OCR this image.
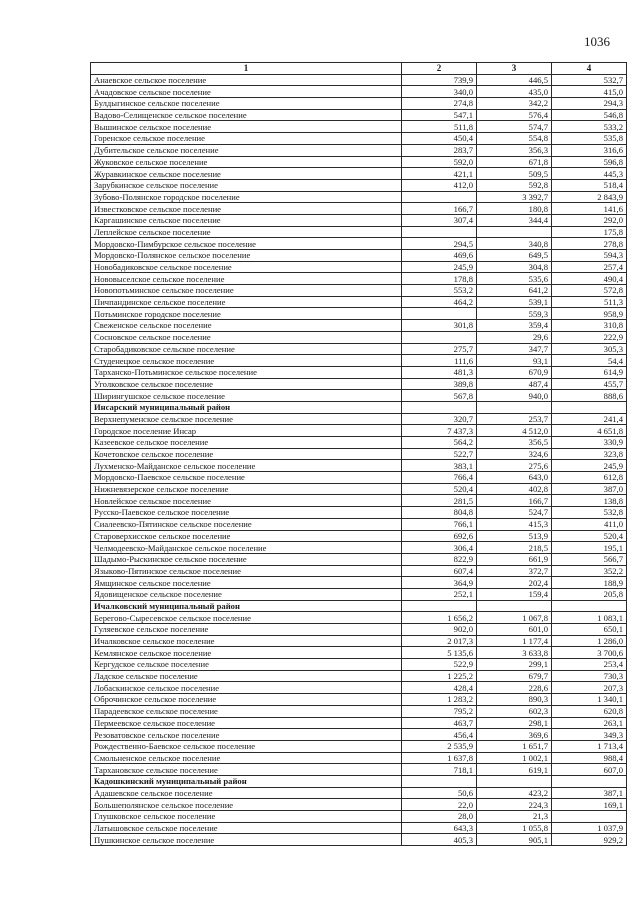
1036
1	2	3	4
Анаевское сельское поселение	739,9	446,5	532,7
Ачадовское сельское поселение	340,0	435,0	415,0
Булдыгинское сельское поселение	274,8	342,2	294,3
Вадово-Селищенское сельское поселение	547,1	576,4	546,8
Вышинское сельское поселение	511,8	574,7	533,2
Горенское сельское поселение	450,4	554,8	535,8
Дубительское сельское поселение	283,7	356,3	316,6
Жуковское сельское поселение	592,0	671,8	596,8
Журавкинское сельское поселение	421,1	509,5	445,3
Зарубкинское сельское поселение	412,0	592,8	518,4
Зубово-Полянское городское поселение		3 392,7	2 843,9
Известковское сельское поселение	166,7	180,8	141,6
Каргашинское сельское поселение	307,4	344,4	292,0
Леплейское сельское поселение			175,8
Мордовско-Пимбурское сельское поселение	294,5	340,8	278,8
Мордовско-Полянское сельское поселение	469,6	649,5	594,3
Новобадиковское сельское поселение	245,9	304,8	257,4
Нововыселское сельское поселение	178,8	535,6	490,4
Новопотьминское сельское поселение	553,2	641,2	572,8
Пичпандинское сельское поселение	464,2	539,1	511,3
Потьминское городское поселение		559,3	958,9
Свеженское сельское поселение	301,8	359,4	310,8
Сосновское сельское поселение		29,6	222,9
Старобадиковское сельское поселение	275,7	347,7	305,3
Студенецкое сельское поселение	111,6	93,1	54,4
Тарханско-Потьминское сельское поселение	481,3	670,9	614,9
Уголковское сельское поселение	389,8	487,4	455,7
Ширингушское сельское поселение	567,8	940,0	888,6
Инсарский муниципальный район			
Верхнепуменское сельское поселение	320,7	253,7	241,4
Городское поселение Инсар	7 437,3	4 512,0	4 651,8
Казеевское сельское поселение	564,2	356,5	330,9
Кочетовское сельское поселение	522,7	324,6	323,8
Лухменско-Майданское сельское поселение	383,1	275,6	245,9
Мордовско-Паевское сельское поселение	766,4	643,0	612,8
Нижневязерское сельское поселение	520,4	402,8	387,0
Новлейское сельское поселение	281,5	166,7	138,8
Русско-Паевское сельское поселение	804,8	524,7	532,8
Сиалеевско-Пятинское сельское поселение	766,1	415,3	411,0
Староверхисское сельское поселение	692,6	513,9	520,4
Челмодеевско-Майданское сельское поселение	306,4	218,5	195,1
Шадымо-Рыскинское сельское поселение	822,9	661,9	566,7
Языково-Пятинское сельское поселение	607,4	372,7	352,2
Ямщинское сельское поселение	364,9	202,4	188,9
Ядовищенское сельское поселение	252,1	159,4	205,8
Ичалковский муниципальный район			
Берегово-Сыресевское сельское поселение	1 656,2	1 067,8	1 083,1
Гуляевское сельское поселение	902,0	601,0	650,1
Ичалковское сельское поселение	2 017,3	1 177,4	1 286,0
Кемлянское сельское поселение	5 135,6	3 633,8	3 700,6
Кергудское сельское поселение	522,9	299,1	253,4
Ладское сельское поселение	1 225,2	679,7	730,3
Лобаскинское сельское поселение	428,4	228,6	207,3
Оброчинское сельское поселение	1 283,2	890,3	1 340,1
Парадеевское сельское поселение	795,2	602,3	620,8
Пермеевское сельское поселение	463,7	298,1	263,1
Резоватовское сельское поселение	456,4	369,6	349,3
Рождественно-Баевское сельское поселение	2 535,9	1 651,7	1 713,4
Смольненское сельское поселение	1 637,8	1 002,1	988,4
Тархановское сельское поселение	718,1	619,1	607,0
Кадошкинский муниципальный район			
Адашевское сельское поселение	50,6	423,2	387,1
Большеполянское сельское поселение	22,0	224,3	169,1
Глушковское сельское поселение	28,0	21,3	
Латышовское сельское поселение	643,3	1 055,8	1 037,9
Пушкинское сельское поселение	405,3	905,1	929,2
